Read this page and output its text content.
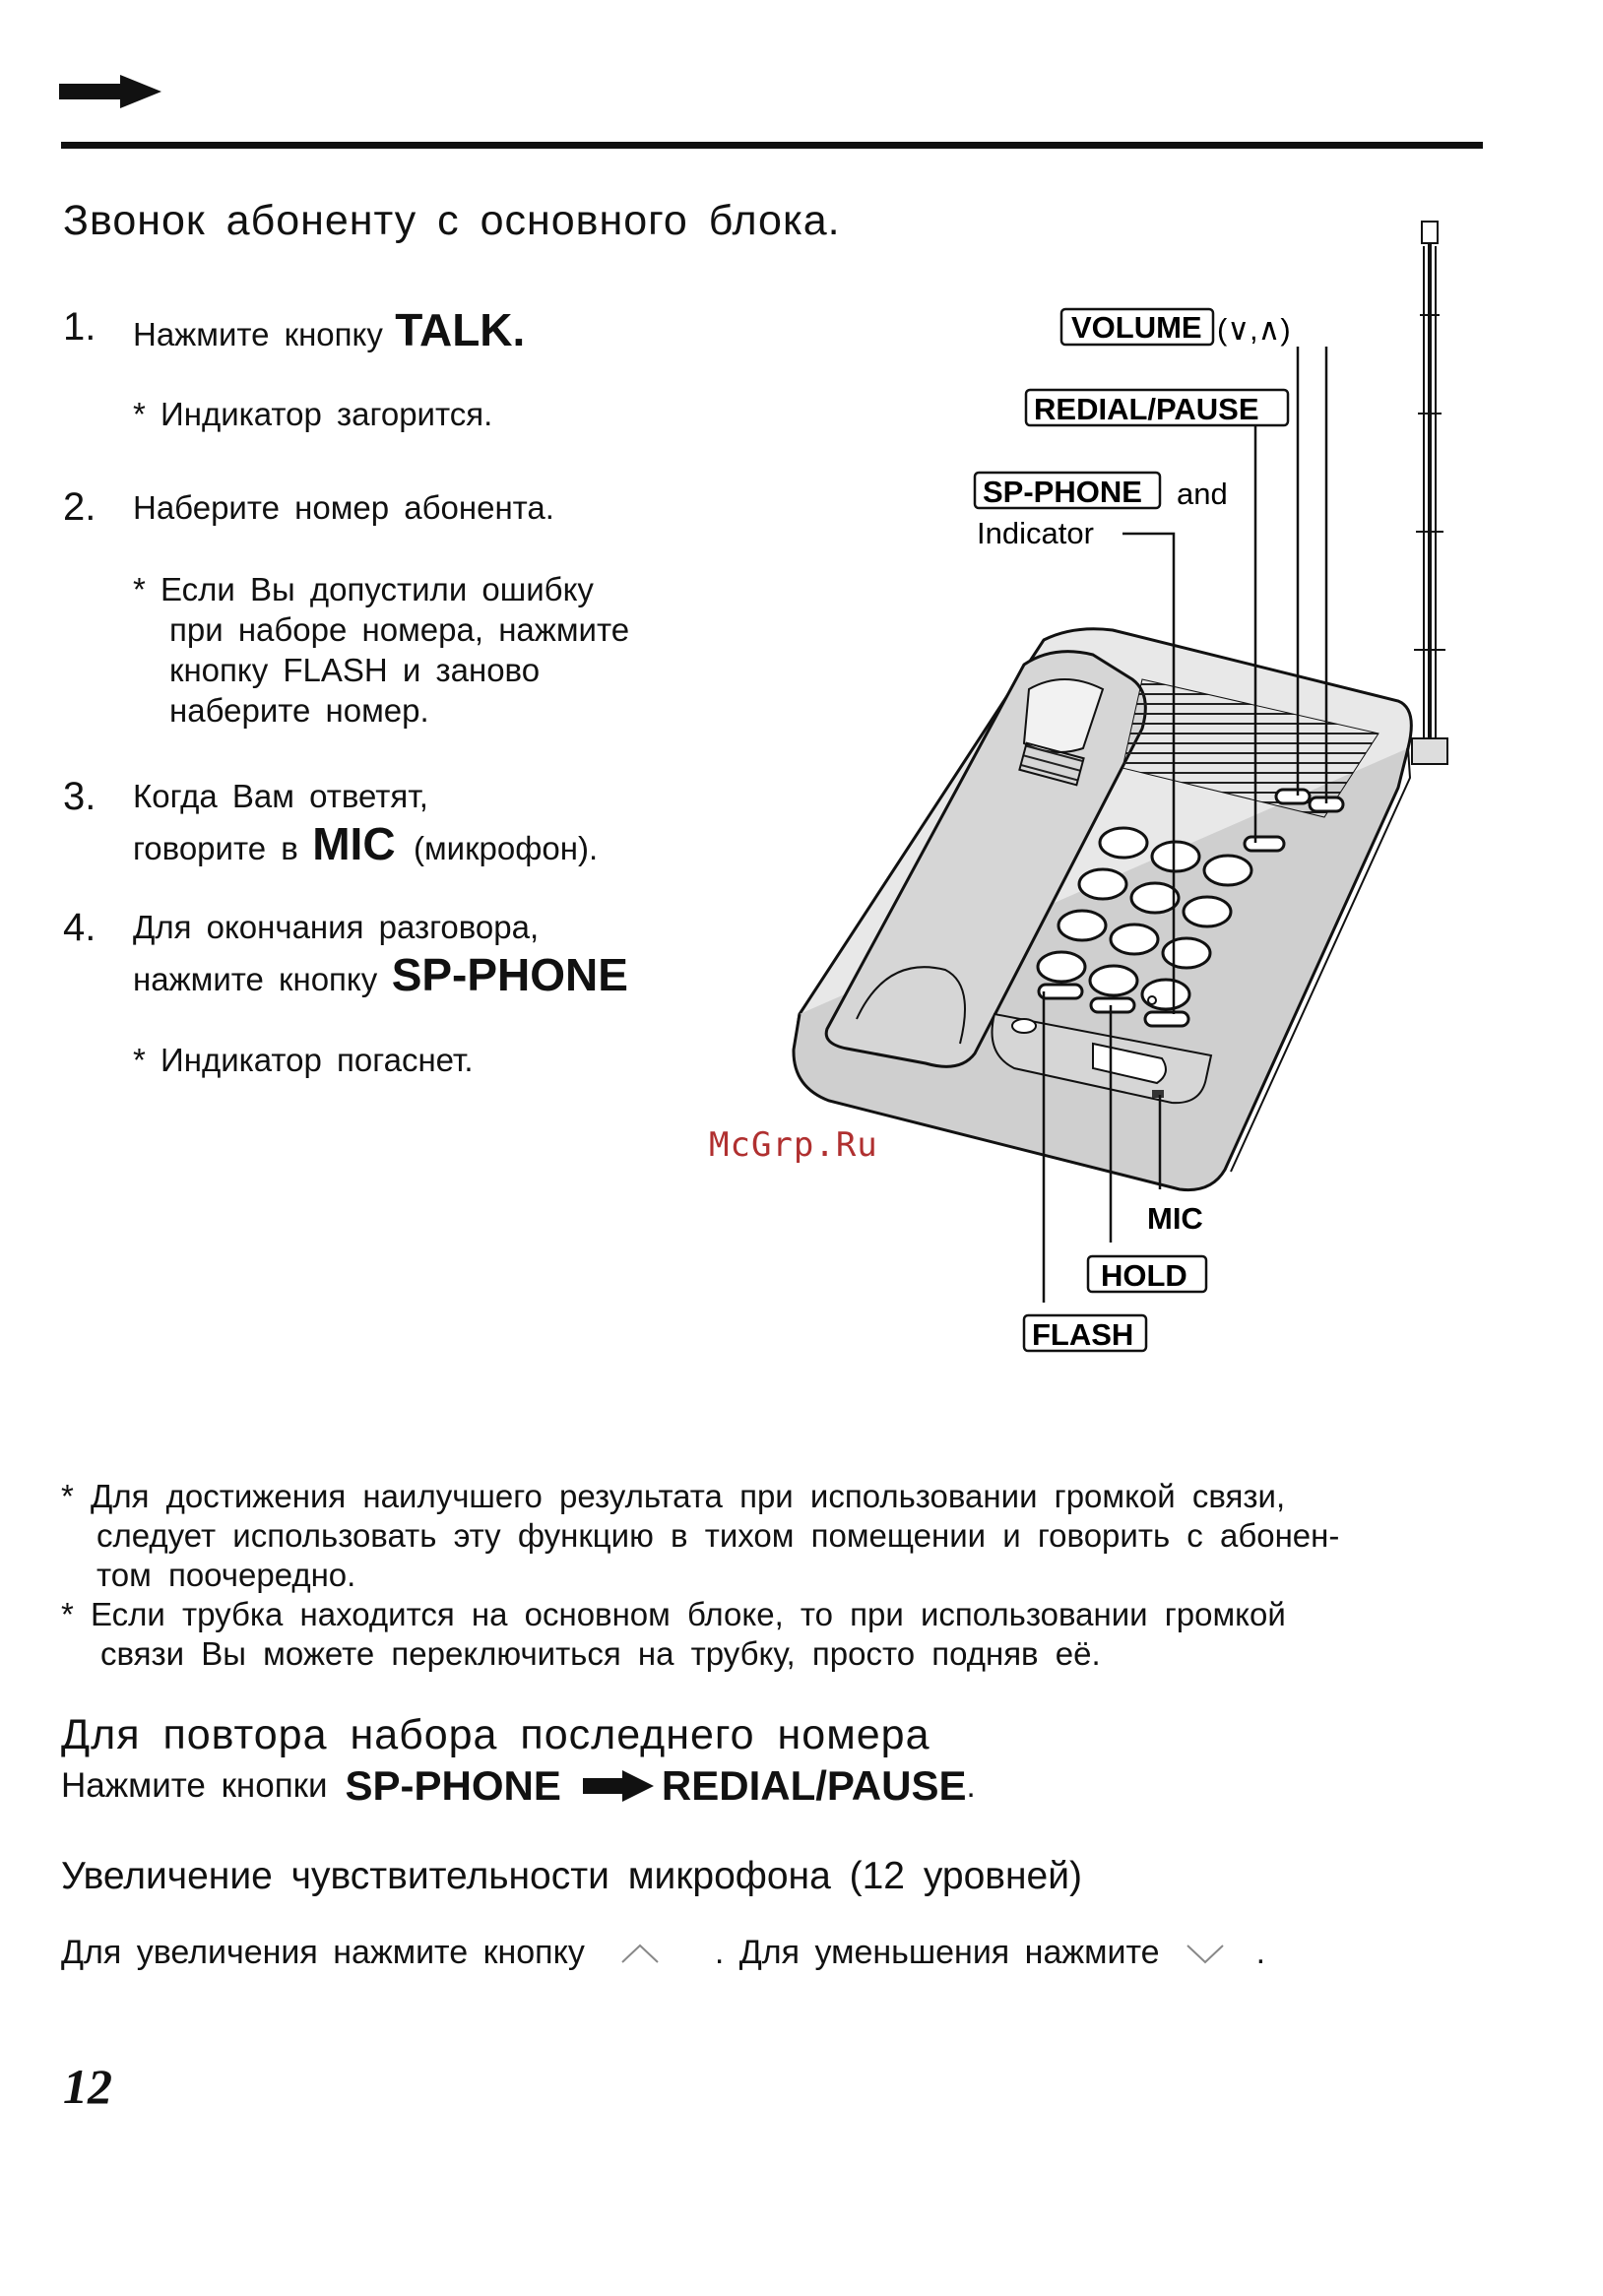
Звонок абоненту с основного блока.
1. Нажмите кнопку TALK.
* Индикатор загорится.
2. Наберите номер абонента.
* Если Вы допустили ошибку
при наборе номера, нажмите
кнопку FLASH и заново
наберите номер.
3. Когда Вам ответят,
говорите в MIC (микрофон).
4. Для окончания разговора,
нажмите кнопку SP-PHONE
* Индикатор погаснет.
VOLUME (∨,∧)
REDIAL/PAUSE
SP-PHONE and
Indicator
MIC
HOLD
FLASH
McGrp.Ru
* Для достижения наилучшего результата при использовании громкой связи,
следует использовать эту функцию в тихом помещении и говорить с абонен-
том поочередно.
* Если трубка находится на основном блоке, то при использовании громкой
связи Вы можете переключиться на трубку, просто подняв её.
Для повтора набора последнего номера
Нажмите кнопки SP-PHONE REDIAL/PAUSE .
Увеличение чувствительности микрофона (12 уровней)
Для увеличения нажмите кнопку	. Для уменьшения нажмите	.
12
